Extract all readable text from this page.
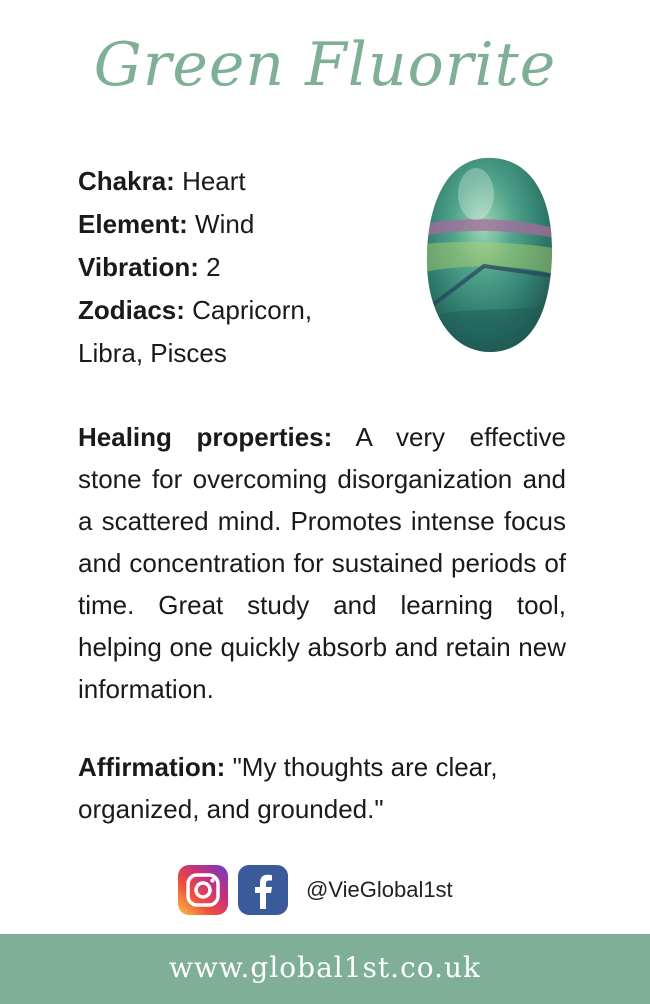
Green Fluorite
Chakra: Heart
Element: Wind
Vibration: 2
Zodiacs: Capricorn,
Libra, Pisces
Healing properties: A very effective stone for overcoming disorganization and a scattered mind. Promotes intense focus and concentration for sustained periods of time. Great study and learning tool, helping one quickly absorb and retain new information.
Affirmation: "My thoughts are clear, organized, and grounded."
@VieGlobal1st
www.global1st.co.uk
